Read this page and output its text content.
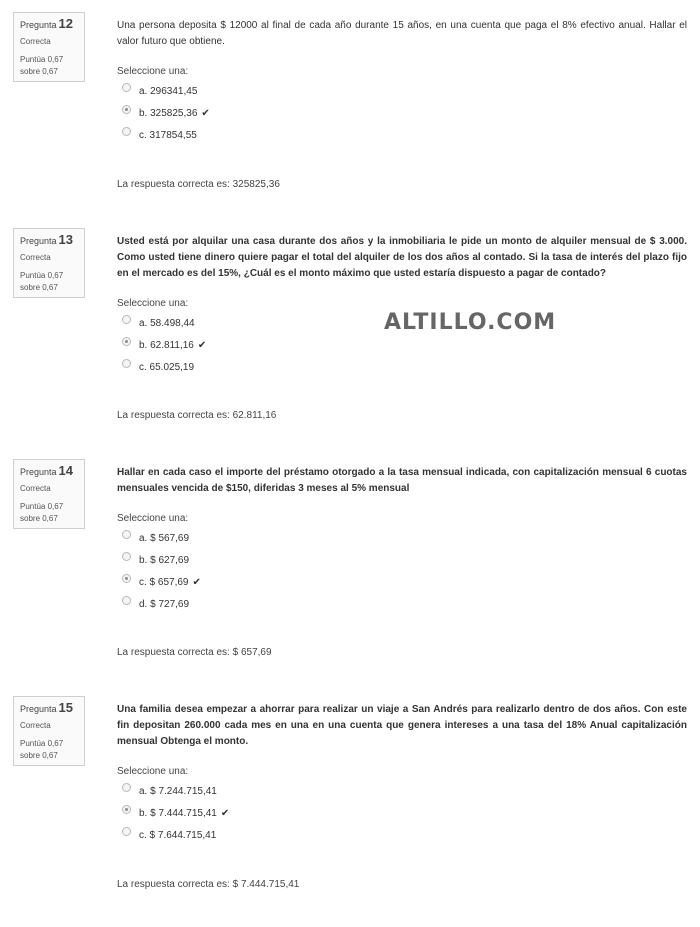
Pregunta 12
Correcta
Puntúa 0,67
sobre 0,67

Una persona deposita $ 12000 al final de cada año durante 15 años, en una cuenta que paga el 8% efectivo anual. Hallar el valor futuro que obtiene.

Seleccione una:
a. 296341,45
b. 325825,36 ✔
c. 317854,55
La respuesta correcta es: 325825,36
Pregunta 13
Correcta
Puntúa 0,67
sobre 0,67

Usted está por alquilar una casa durante dos años y la inmobiliaria le pide un monto de alquiler mensual de $ 3.000. Como usted tiene dinero quiere pagar el total del alquiler de los dos años al contado. Si la tasa de interés del plazo fijo en el mercado es del 15%, ¿Cuál es el monto máximo que usted estaría dispuesto a pagar de contado?

Seleccione una:
a. 58.498,44
b. 62.811,16 ✔
c. 65.025,19
La respuesta correcta es: 62.811,16
Pregunta 14
Correcta
Puntúa 0,67
sobre 0,67

Hallar en cada caso el importe del préstamo otorgado a la tasa mensual indicada, con capitalización mensual 6 cuotas mensuales vencida de $150, diferidas 3 meses al 5% mensual

Seleccione una:
a. $ 567,69
b. $ 627,69
c. $ 657,69 ✔
d. $ 727,69
La respuesta correcta es: $ 657,69
Pregunta 15
Correcta
Puntúa 0,67
sobre 0,67

Una familia desea empezar a ahorrar para realizar un viaje a San Andrés para realizarlo dentro de dos años. Con este fin depositan 260.000 cada mes en una en una cuenta que genera intereses a una tasa del 18% Anual capitalización mensual Obtenga el monto.

Seleccione una:
a. $ 7.244.715,41
b. $ 7.444.715,41 ✔
c. $ 7.644.715,41
La respuesta correcta es: $ 7.444.715,41
ALTILLO.COM
